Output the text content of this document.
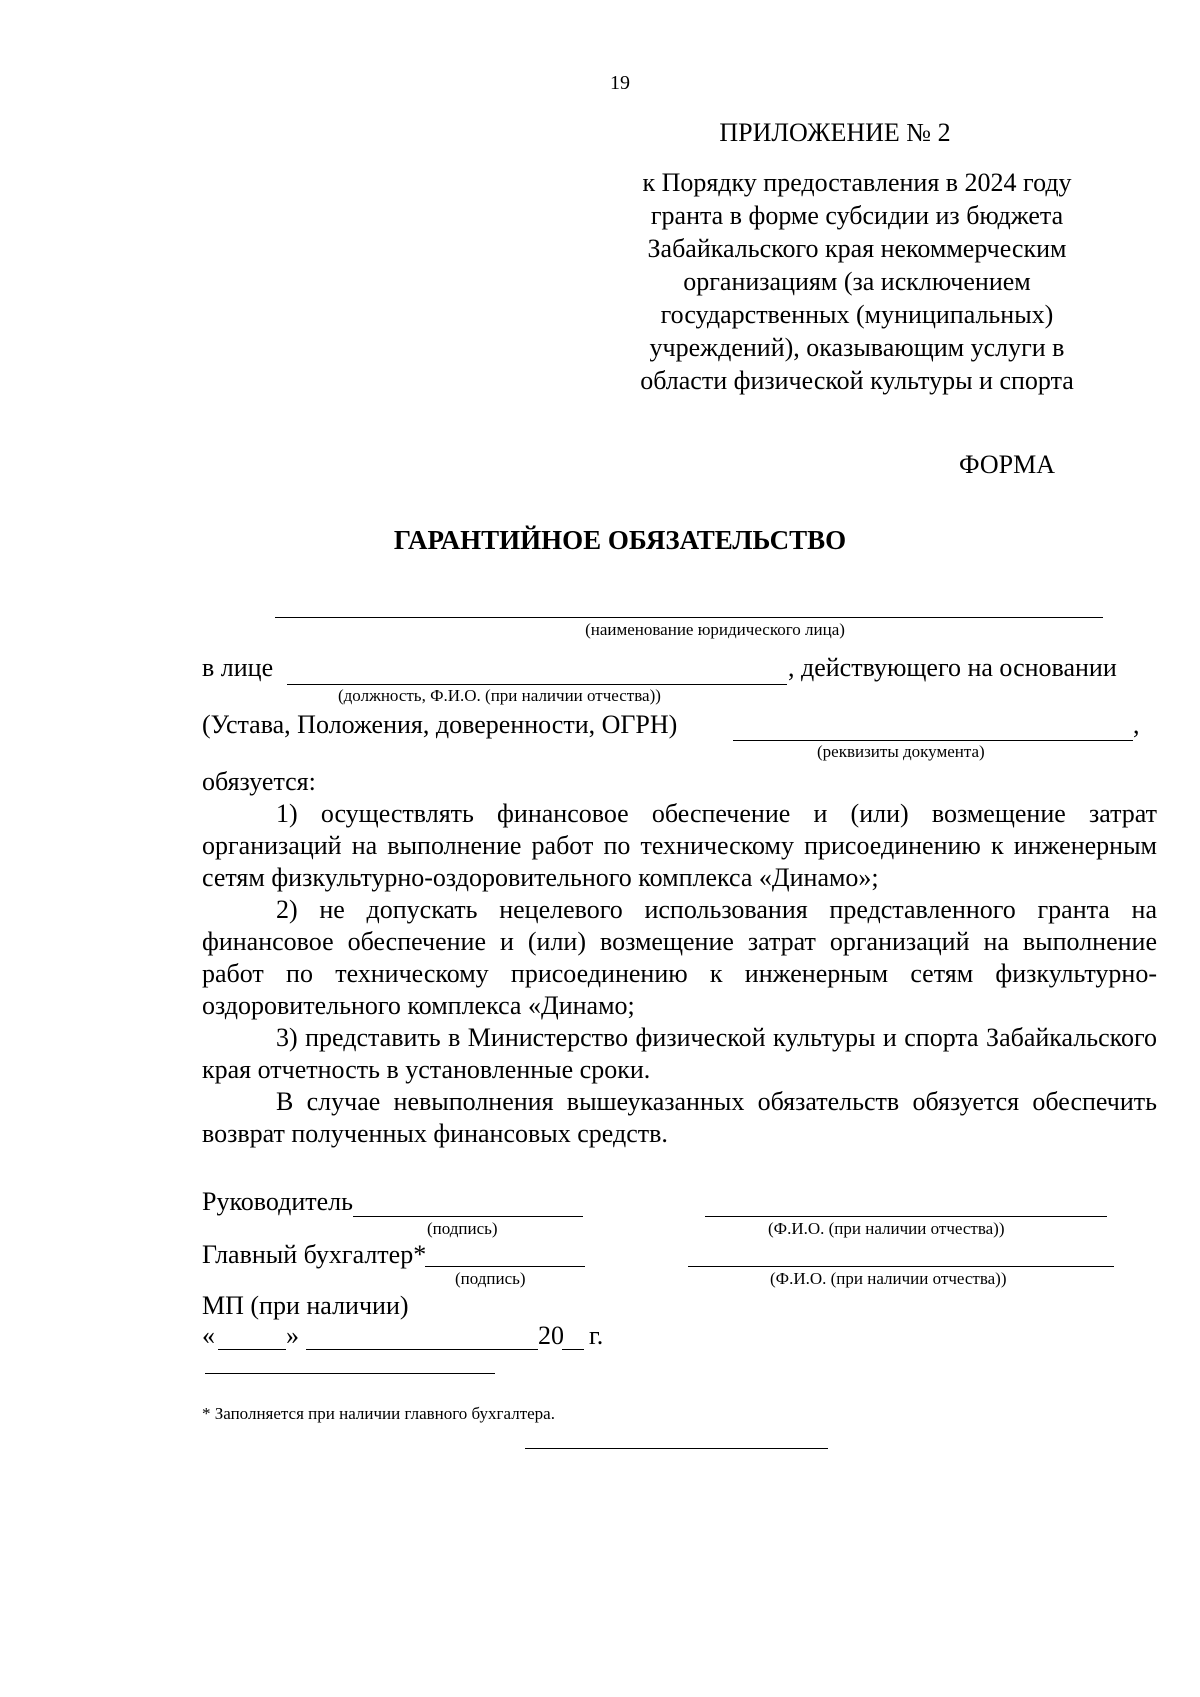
19
ПРИЛОЖЕНИЕ № 2
к Порядку предоставления в 2024 году
гранта в форме субсидии из бюджета
Забайкальского края некоммерческим
организациям (за исключением
государственных (муниципальных)
учреждений), оказывающим услуги в
области физической культуры и спорта
ФОРМА
ГАРАНТИЙНОЕ ОБЯЗАТЕЛЬСТВО
(наименование юридического лица)
в лице	, действующего на основании
(должность, Ф.И.О. (при наличии отчества))
(Устава, Положения, доверенности, ОГРН)	,
(реквизиты документа)
обязуется:
1) осуществлять финансовое обеспечение и (или) возмещение затрат организаций на выполнение работ по техническому присоединению к инженерным сетям физкультурно-оздоровительного комплекса «Динамо»;
2) не допускать нецелевого использования представленного гранта на финансовое обеспечение и (или) возмещение затрат организаций на выполнение работ по техническому присоединению к инженерным сетям физкультурно-оздоровительного комплекса «Динамо;
3) представить в Министерство физической культуры и спорта Забайкальского края отчетность в установленные сроки.
В случае невыполнения вышеуказанных обязательств обязуется обеспечить возврат полученных финансовых средств.
Руководитель
(подпись)	(Ф.И.О. (при наличии отчества))
Главный бухгалтер*
(подпись)	(Ф.И.О. (при наличии отчества))
МП (при наличии)
«	»	20 г.
* Заполняется при наличии главного бухгалтера.
